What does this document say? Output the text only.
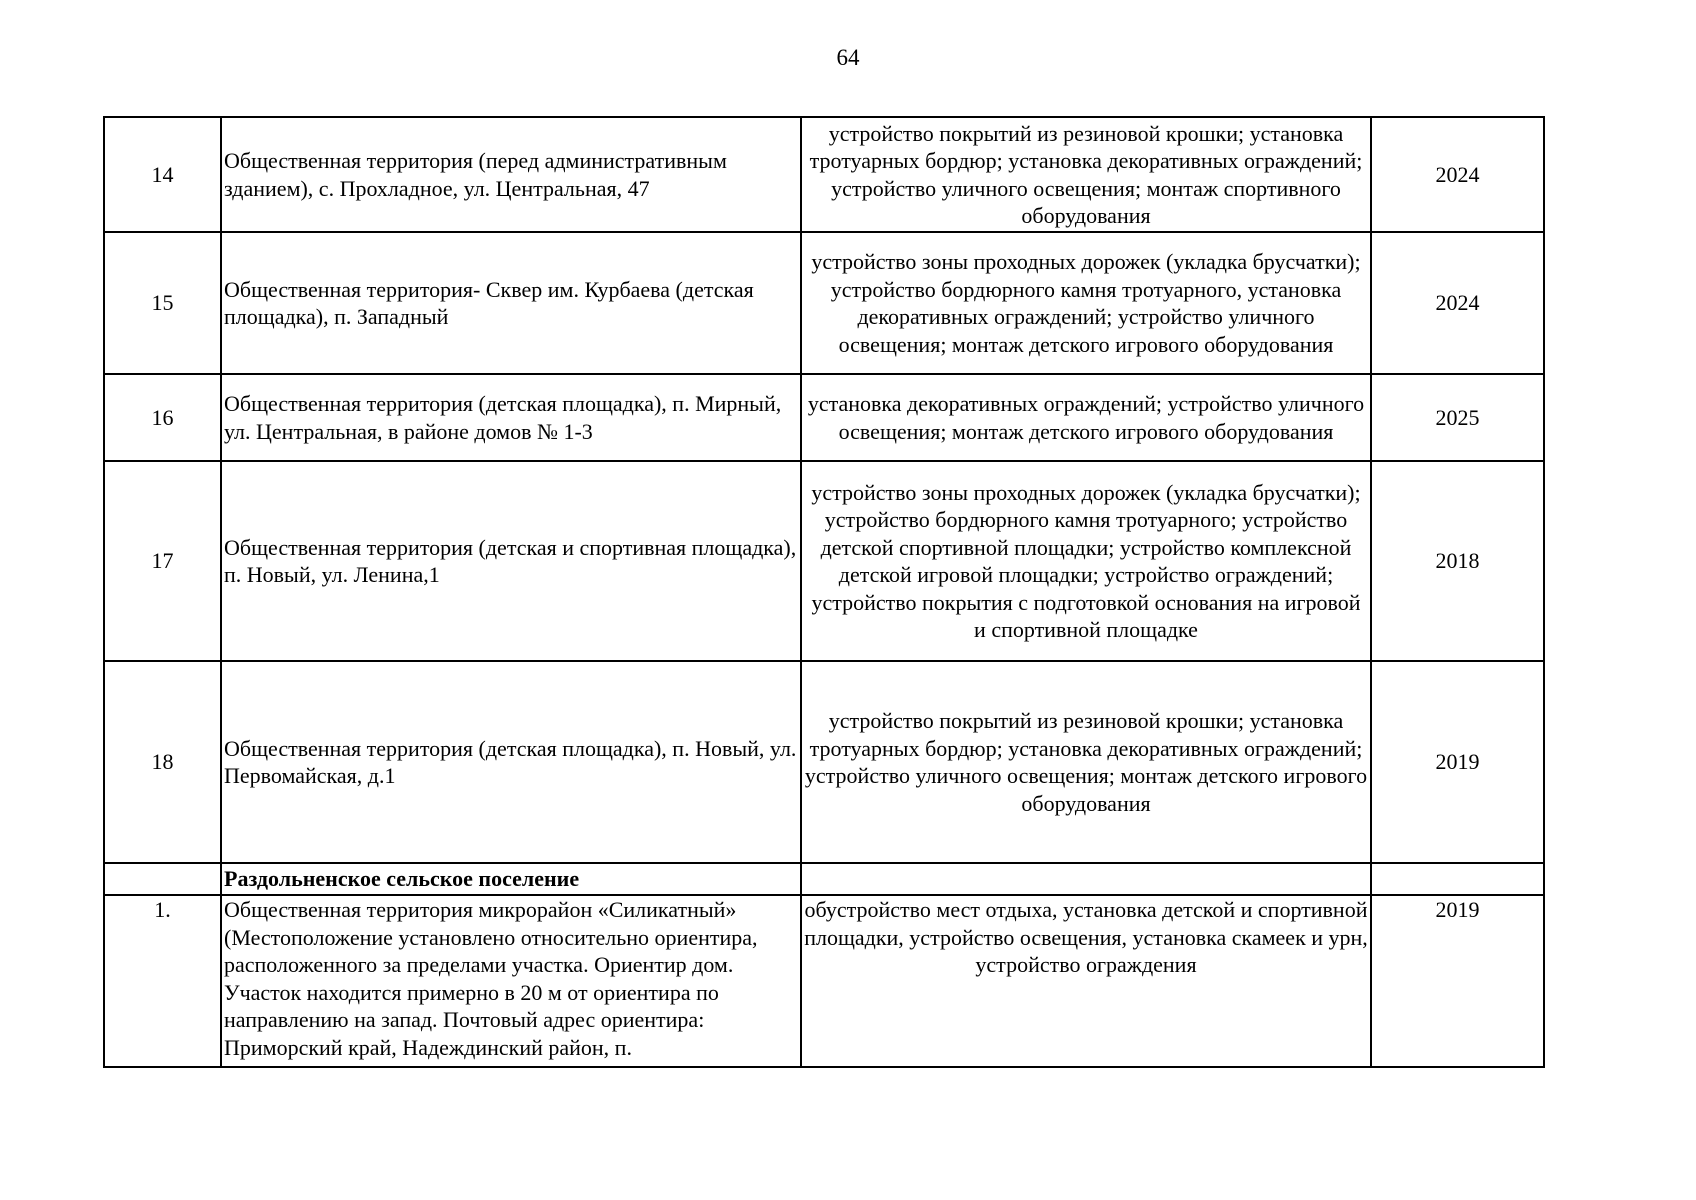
64
14	Общественная территория (перед административным зданием), с. Прохладное, ул. Центральная, 47	устройство покрытий из резиновой крошки; установка тротуарных бордюр; установка декоративных ограждений; устройство уличного освещения; монтаж спортивного оборудования	2024
15	Общественная территория- Сквер им. Курбаева (детская площадка), п. Западный	устройство зоны проходных дорожек (укладка брусчатки); устройство бордюрного камня тротуарного, установка декоративных ограждений; устройство уличного освещения; монтаж детского игрового оборудования	2024
16	Общественная территория (детская площадка), п. Мирный, ул. Центральная, в районе домов № 1-3	установка декоративных ограждений; устройство уличного освещения; монтаж детского игрового оборудования	2025
17	Общественная территория (детская и спортивная площадка), п. Новый, ул. Ленина,1	устройство зоны проходных дорожек (укладка брусчатки); устройство бордюрного камня тротуарного; устройство детской спортивной площадки; устройство комплексной детской игровой площадки; устройство ограждений; устройство покрытия с подготовкой основания на игровой и спортивной площадке	2018
18	Общественная территория (детская площадка), п. Новый, ул. Первомайская, д.1	устройство покрытий из резиновой крошки; установка тротуарных бордюр; установка декоративных ограждений; устройство уличного освещения; монтаж детского игрового оборудования	2019
	Раздольненское сельское поселение		
1.	Общественная территория микрорайон «Силикатный» (Местоположение установлено относительно ориентира, расположенного за пределами участка. Ориентир дом. Участок находится примерно в 20 м от ориентира по направлению на запад. Почтовый адрес ориентира: Приморский край, Надеждинский район, п.	обустройство мест отдыха, установка детской и спортивной площадки, устройство освещения, установка скамеек и урн, устройство ограждения	2019
